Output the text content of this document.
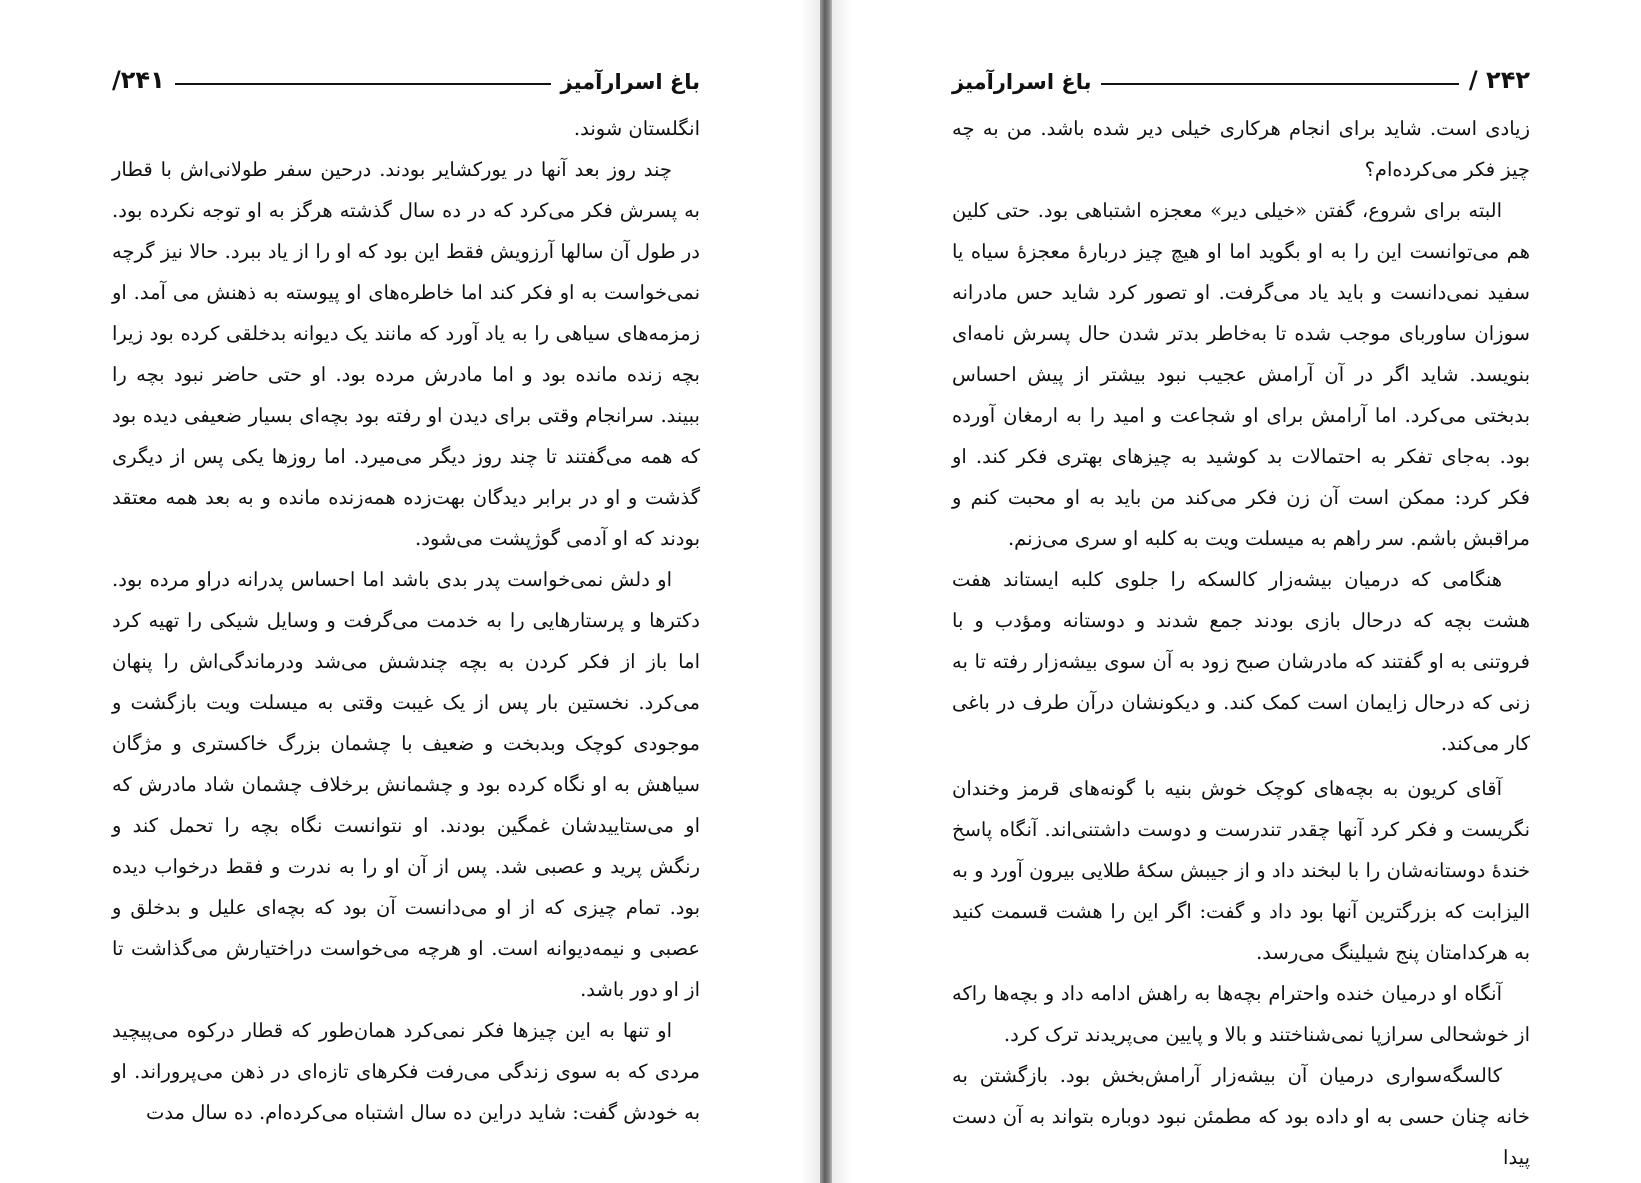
باغ اسرارآمیز
۲۴۱/

انگلستان شوند.

چند روز بعد آنها در یورکشایر بودند. درحین سفر طولانی‌اش با قطار به پسرش فکر می‌کرد که در ده سال گذشته هرگز به او توجه نکرده بود. در طول آن سالها آرزویش فقط این بود که او را از یاد ببرد. حالا نیز گرچه نمی‌خواست به او فکر کند اما خاطره‌های او پیوسته به ذهنش می آمد. او زمزمه‌های سیاهی را به یاد آورد که مانند یک دیوانه بدخلقی کرده بود زیرا بچه زنده مانده بود و اما مادرش مرده بود. او حتی حاضر نبود بچه را ببیند. سرانجام وقتی برای دیدن او رفته بود بچه‌ای بسیار ضعیفی دیده بود که همه می‌گفتند تا چند روز دیگر می‌میرد. اما روزها یکی پس از دیگری گذشت و او در برابر دیدگان بهت‌زده همه‌زنده مانده و به بعد همه معتقد بودند که او آدمی گوژپشت می‌شود.

او دلش نمی‌خواست پدر بدی باشد اما احساس پدرانه دراو مرده بود. دکترها و پرستارهایی را به خدمت می‌گرفت و وسایل شیکی را تهیه کرد اما باز از فکر کردن به بچه چندشش می‌شد ودرماندگی‌اش را پنهان می‌کرد. نخستین بار پس از یک غیبت وقتی به میسلت ویت بازگشت و موجودی کوچک وبدبخت و ضعیف با چشمان بزرگ خاکستری و مژگان سیاهش به او نگاه کرده بود و چشمانش برخلاف چشمان شاد مادرش که او می‌ستاییدشان غمگین بودند. او نتوانست نگاه بچه را تحمل کند و رنگش پرید و عصبی شد. پس از آن او را به ندرت و فقط درخواب دیده بود. تمام چیزی که از او می‌دانست آن بود که بچه‌ای علیل و بدخلق و عصبی و نیمه‌دیوانه است. او هرچه می‌خواست دراختیارش می‌گذاشت تا از او دور باشد.

او تنها به این چیزها فکر نمی‌کرد همان‌طور که قطار درکوه می‌پیچید مردی که به سوی زندگی می‌رفت فکرهای تازه‌ای در ذهن می‌پروراند. او به خودش گفت: شاید دراین ده سال اشتباه می‌کرده‌ام. ده سال مدت

۲۴۲ /
باغ اسرارآمیز

زیادی است. شاید برای انجام هرکاری خیلی دیر شده باشد. من به چه چیز فکر می‌کرده‌ام؟

البته برای شروع، گفتن «خیلی دیر» معجزه اشتباهی بود. حتی کلین هم می‌توانست این را به او بگوید اما او هیچ چیز دربارهٔ معجزهٔ سیاه یا سفید نمی‌دانست و باید یاد می‌گرفت. او تصور کرد شاید حس مادرانه سوزان ساوربای موجب شده تا به‌خاطر بدتر شدن حال پسرش نامه‌ای بنویسد. شاید اگر در آن آرامش عجیب نبود بیشتر از پیش احساس بدبختی می‌کرد. اما آرامش برای او شجاعت و امید را به ارمغان آورده بود. به‌جای تفکر به احتمالات بد کوشید به چیزهای بهتری فکر کند. او فکر کرد: ممکن است آن زن فکر می‌کند من باید به او محبت کنم و مراقبش باشم. سر راهم به میسلت ویت به کلبه او سری می‌زنم.

هنگامی که درمیان بیشه‌زار کالسکه را جلوی کلبه ایستاند هفت هشت بچه که درحال بازی بودند جمع شدند و دوستانه ومؤدب و با فروتنی به او گفتند که مادرشان صبح زود به آن سوی بیشه‌زار رفته تا به زنی که درحال زایمان است کمک کند. و دیکونشان درآن طرف در باغی کار می‌کند.

آقای کریون به بچه‌های کوچک خوش بنیه با گونه‌های قرمز وخندان نگریست و فکر کرد آنها چقدر تندرست و دوست داشتنی‌اند. آنگاه پاسخ خندهٔ دوستانه‌شان را با لبخند داد و از جیبش سکهٔ طلایی بیرون آورد و به الیزابت که بزرگترین آنها بود داد و گفت: اگر این را هشت قسمت کنید به هرکدامتان پنج شیلینگ می‌رسد.

آنگاه او درمیان خنده واحترام بچه‌ها به راهش ادامه داد و بچه‌ها راکه از خوشحالی سرازپا نمی‌شناختند و بالا و پایین می‌پریدند ترک کرد.

کالسگه‌سواری درمیان آن بیشه‌زار آرامش‌بخش بود. بازگشتن به خانه چنان حسی به او داده بود که مطمئن نبود دوباره بتواند به آن دست پیدا
